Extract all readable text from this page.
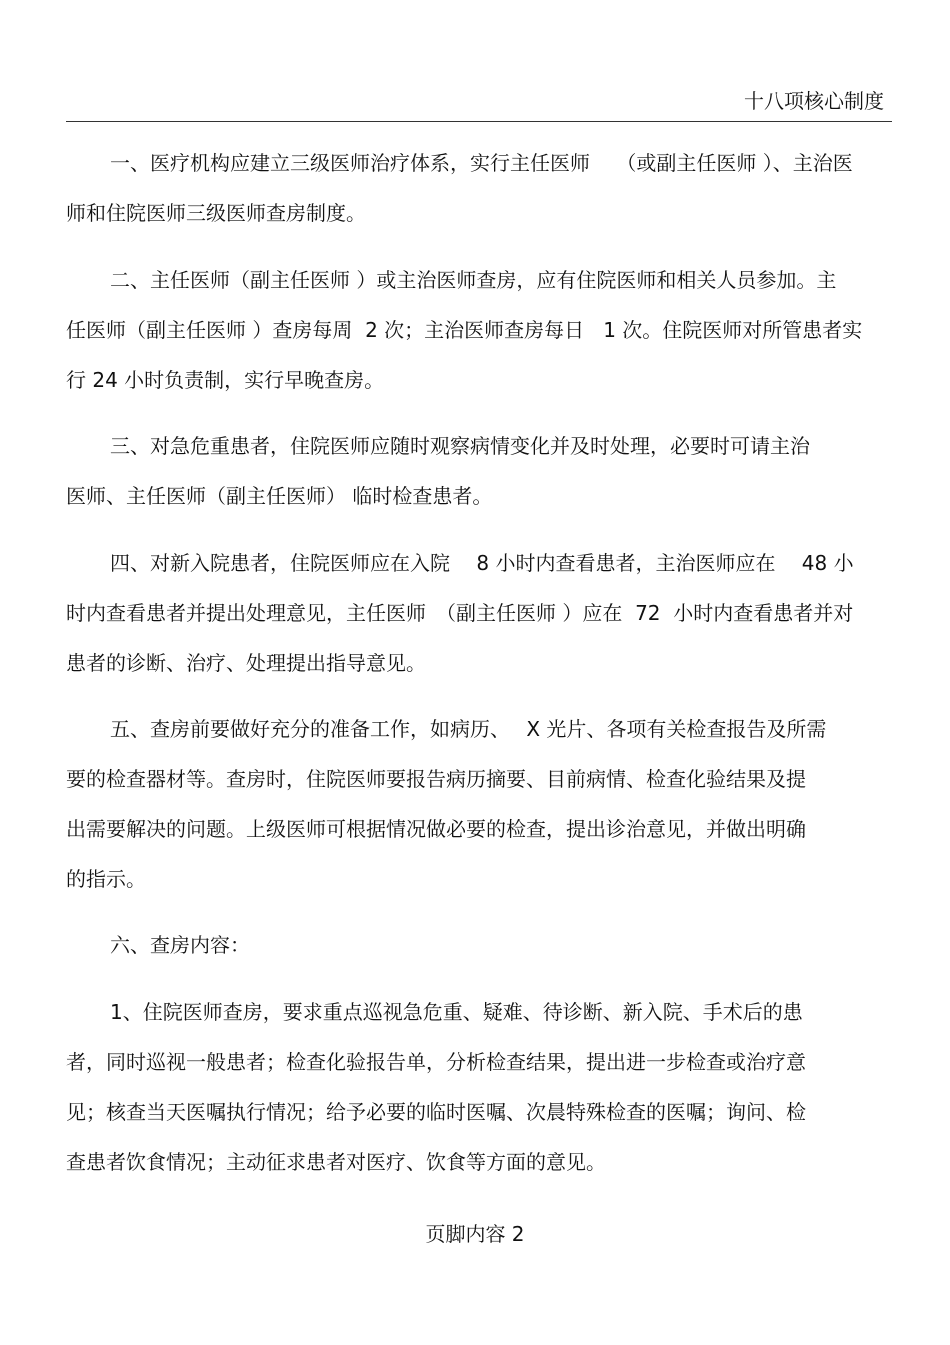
十八项核心制度
一、医疗机构应建立三级医师治疗体系，实行主任医师　 （或副主任医师 ）、主治医
师和住院医师三级医师查房制度。
二、主任医师（副主任医师 ）或主治医师查房，应有住院医师和相关人员参加。主
任医师（副主任医师 ）查房每周  2 次；主治医师查房每日   1 次。住院医师对所管患者实
行 24 小时负责制，实行早晚查房。
三、对急危重患者，住院医师应随时观察病情变化并及时处理，必要时可请主治
医师、主任医师（副主任医师） 临时检查患者。
四、对新入院患者，住院医师应在入院　 8 小时内查看患者，主治医师应在　 48 小
时内查看患者并提出处理意见，主任医师　（副主任医师 ）应在  72  小时内查看患者并对
患者的诊断、治疗、处理提出指导意见。
五、查房前要做好充分的准备工作，如病历、　 X 光片、各项有关检查报告及所需
要的检查器材等。查房时，住院医师要报告病历摘要、目前病情、检查化验结果及提
出需要解决的问题。上级医师可根据情况做必要的检查，提出诊治意见，并做出明确
的指示。
六、查房内容：
1、住院医师查房，要求重点巡视急危重、疑难、待诊断、新入院、手术后的患
者，同时巡视一般患者；检查化验报告单，分析检查结果，提出进一步检查或治疗意
见；核查当天医嘱执行情况；给予必要的临时医嘱、次晨特殊检查的医嘱；询问、检
查患者饮食情况；主动征求患者对医疗、饮食等方面的意见。
页脚内容 2
